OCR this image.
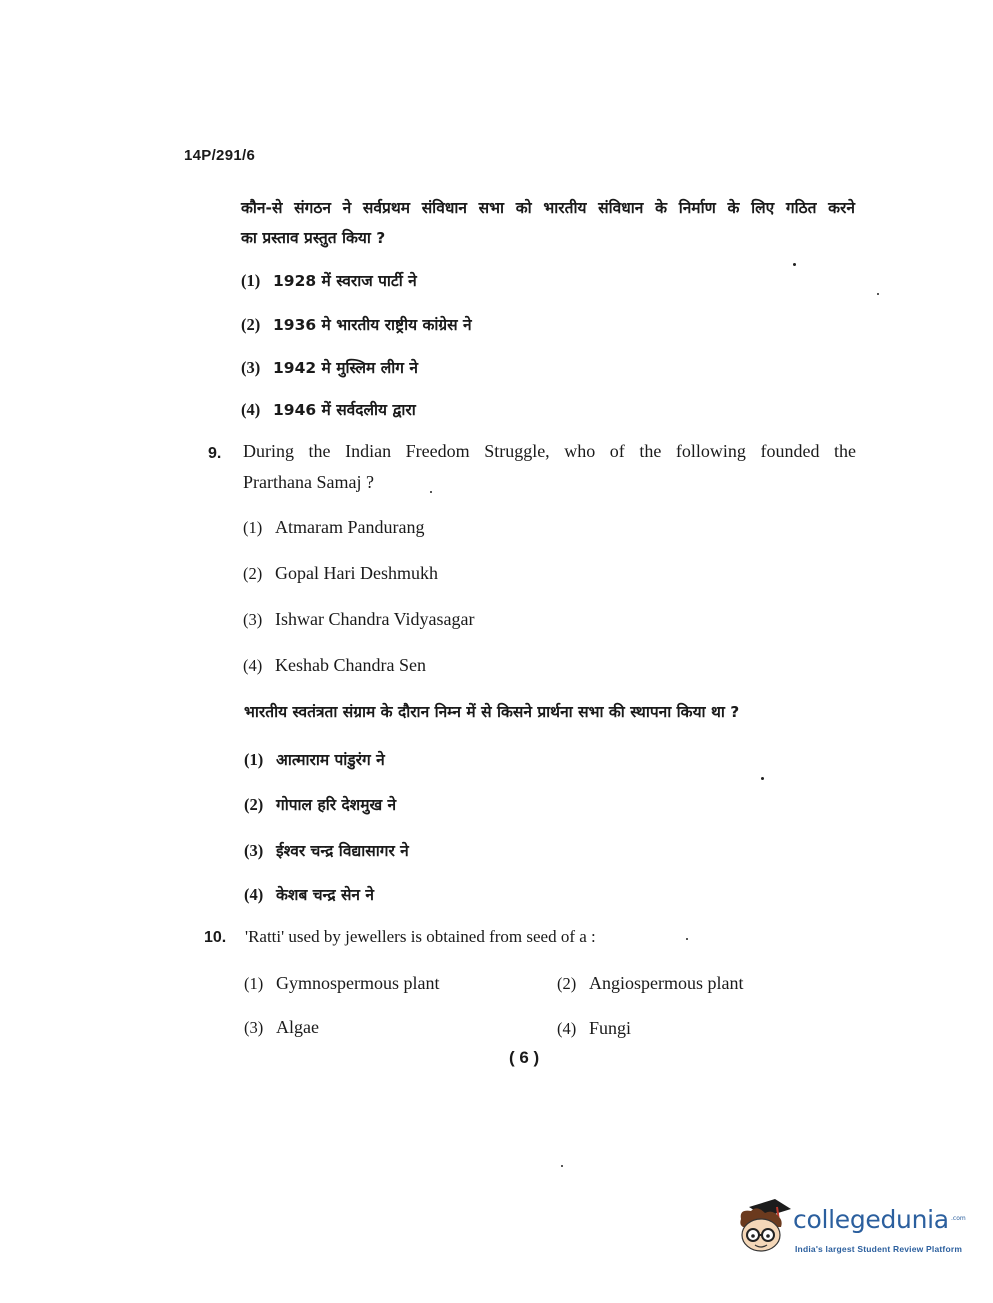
14P/291/6
कौन-से संगठन ने सर्वप्रथम संविधान सभा को भारतीय संविधान के निर्माण के लिए गठित करने
का प्रस्ताव प्रस्तुत किया ?
(1) 1928 में स्वराज पार्टी ने
(2) 1936 मे भारतीय राष्ट्रीय कांग्रेस ने
(3) 1942 मे मुस्लिम लीग ने
(4) 1946 में सर्वदलीय द्वारा
9. During the Indian Freedom Struggle, who of the following founded the
Prarthana Samaj ?
(1) Atmaram Pandurang
(2) Gopal Hari Deshmukh
(3) Ishwar Chandra Vidyasagar
(4) Keshab Chandra Sen
भारतीय स्वतंत्रता संग्राम के दौरान निम्न में से किसने प्रार्थना सभा की स्थापना किया था ?
(1) आत्माराम पांडुरंग ने
(2) गोपाल हरि देशमुख ने
(3) ईश्वर चन्द्र विद्यासागर ने
(4) केशब चन्द्र सेन ने
10. 'Ratti' used by jewellers is obtained from seed of a :
(1) Gymnospermous plant	(2) Angiospermous plant
(3) Algae	(4) Fungi
( 6 )
collegedunia .com
India's largest Student Review Platform
